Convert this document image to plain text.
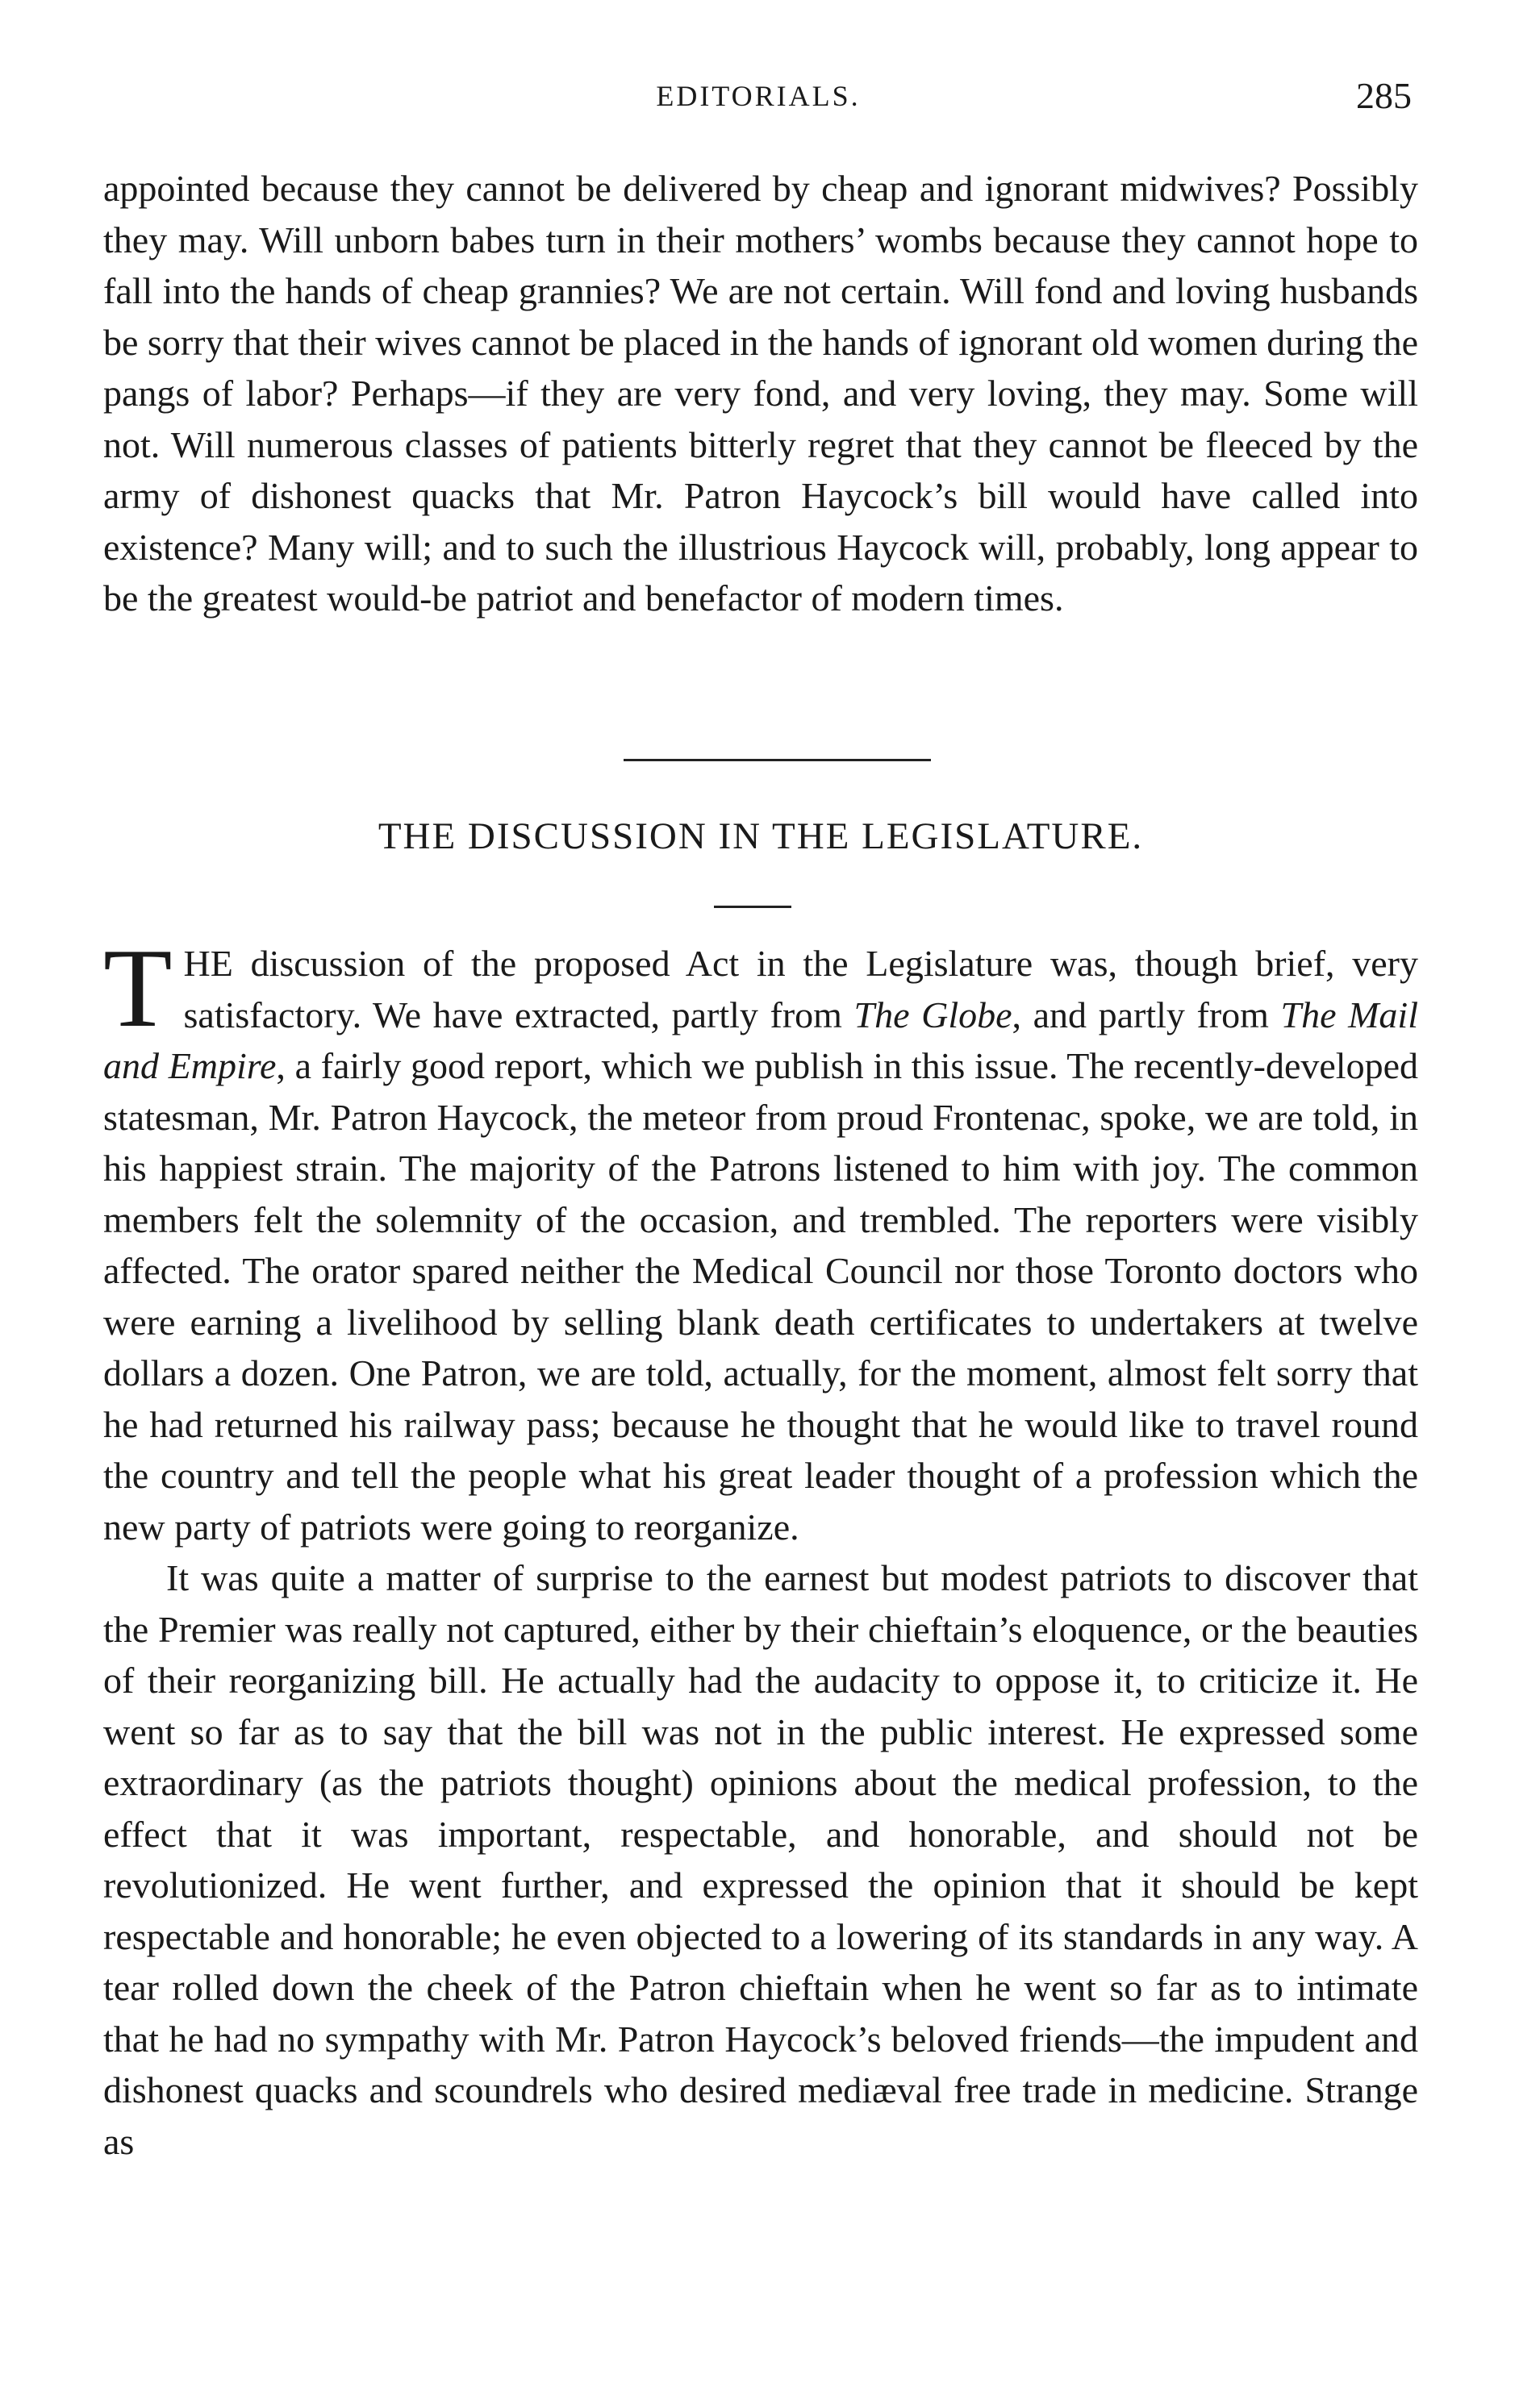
EDITORIALS.	285

appointed because they cannot be delivered by cheap and ignorant midwives? Possibly they may. Will unborn babes turn in their mothers’ wombs because they cannot hope to fall into the hands of cheap grannies? We are not certain. Will fond and loving husbands be sorry that their wives cannot be placed in the hands of ignorant old women during the pangs of labor? Perhaps—if they are very fond, and very loving, they may. Some will not. Will numerous classes of patients bitterly regret that they cannot be fleeced by the army of dishonest quacks that Mr. Patron Haycock’s bill would have called into existence? Many will; and to such the illustrious Haycock will, probably, long appear to be the greatest would-be patriot and benefactor of modern times.

THE DISCUSSION IN THE LEGISLATURE.

THE discussion of the proposed Act in the Legislature was, though brief, very satisfactory. We have extracted, partly from The Globe, and partly from The Mail and Empire, a fairly good report, which we publish in this issue. The recently-developed statesman, Mr. Patron Haycock, the meteor from proud Frontenac, spoke, we are told, in his happiest strain. The majority of the Patrons listened to him with joy. The common members felt the solemnity of the occasion, and trembled. The reporters were visibly affected. The orator spared neither the Medical Council nor those Toronto doctors who were earning a livelihood by selling blank death certificates to undertakers at twelve dollars a dozen. One Patron, we are told, actually, for the moment, almost felt sorry that he had returned his railway pass; because he thought that he would like to travel round the country and tell the people what his great leader thought of a profession which the new party of patriots were going to reorganize.

It was quite a matter of surprise to the earnest but modest patriots to discover that the Premier was really not captured, either by their chieftain’s eloquence, or the beauties of their reorganizing bill. He actually had the audacity to oppose it, to criticize it. He went so far as to say that the bill was not in the public interest. He expressed some extraordinary (as the patriots thought) opinions about the medical profession, to the effect that it was important, respectable, and honorable, and should not be revolutionized. He went further, and expressed the opinion that it should be kept respectable and honorable; he even objected to a lowering of its standards in any way. A tear rolled down the cheek of the Patron chieftain when he went so far as to intimate that he had no sympathy with Mr. Patron Haycock’s beloved friends—the impudent and dishonest quacks and scoundrels who desired mediæval free trade in medicine. Strange as
